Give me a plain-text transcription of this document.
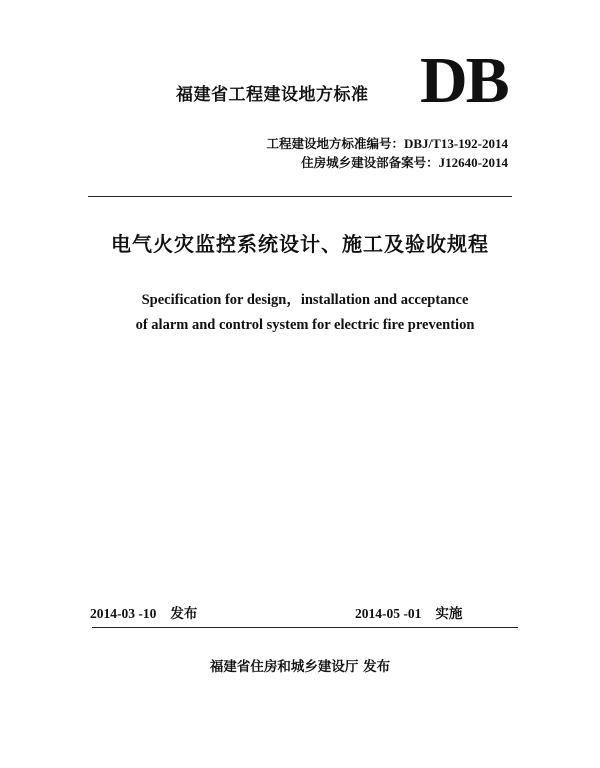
福建省工程建设地方标准 DB
工程建设地方标准编号：DBJ/T13-192-2014
住房城乡建设部备案号：J12640-2014
电气火灾监控系统设计、施工及验收规程
Specification for design，installation and acceptance
of alarm and control system for electric fire prevention
2014-03 -10 发布	2014-05 -01 实施
福建省住房和城乡建设厅 发布
